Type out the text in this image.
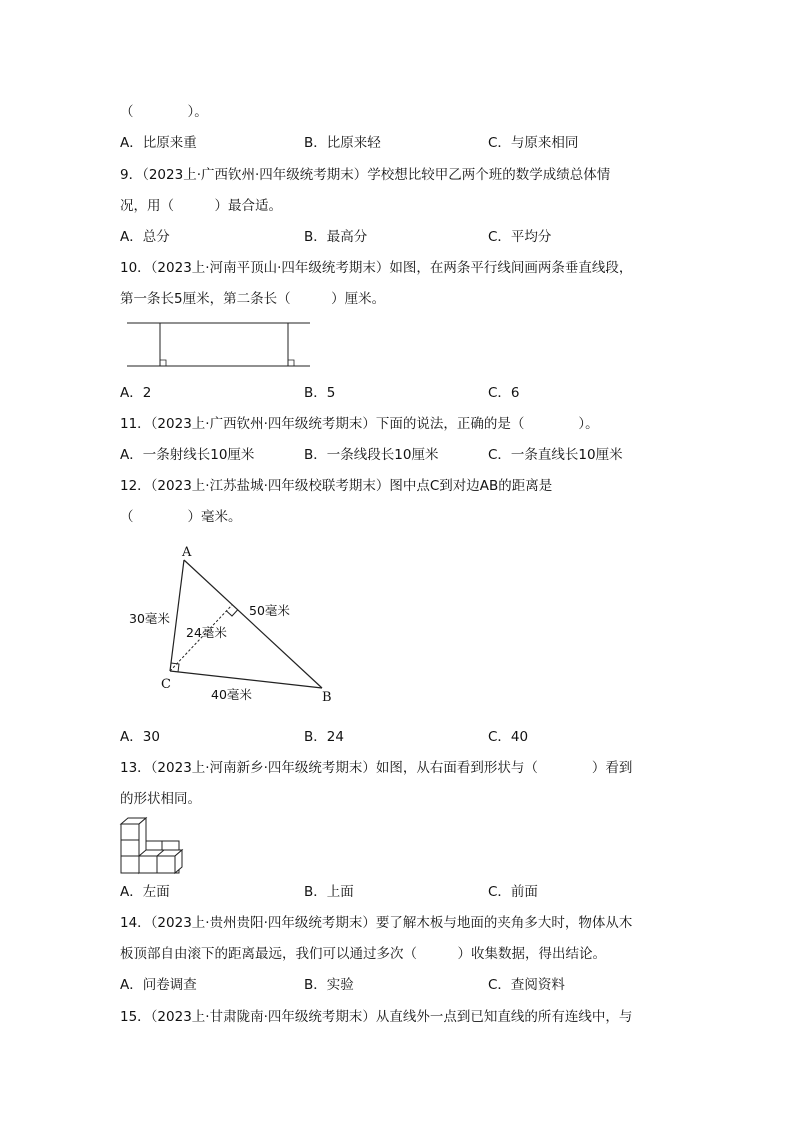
（　　　　）。
A．比原来重	B．比原来轻	C．与原来相同
9．（2023上·广西钦州·四年级统考期末）学校想比较甲乙两个班的数学成绩总体情
况，用（　　　）最合适。
A．总分	B．最高分	C．平均分
10．（2023上·河南平顶山·四年级统考期末）如图，在两条平行线间画两条垂直线段，
第一条长5厘米，第二条长（　　　）厘米。
A．2	B．5	C．6
11．（2023上·广西钦州·四年级统考期末）下面的说法，正确的是（　　　　）。
A．一条射线长10厘米	B．一条线段长10厘米	C．一条直线长10厘米
12．（2023上·江苏盐城·四年级校联考期末）图中点C到对边AB的距离是
（　　　　）毫米。
A
C
B
30毫米
50毫米
24毫米
40毫米
A．30	B．24	C．40
13．（2023上·河南新乡·四年级统考期末）如图，从右面看到形状与（　　　　）看到
的形状相同。
A．左面	B．上面	C．前面
14．（2023上·贵州贵阳·四年级统考期末）要了解木板与地面的夹角多大时，物体从木
板顶部自由滚下的距离最远，我们可以通过多次（　　　）收集数据，得出结论。
A．问卷调查	B．实验	C．查阅资料
15．（2023上·甘肃陇南·四年级统考期末）从直线外一点到已知直线的所有连线中，与
